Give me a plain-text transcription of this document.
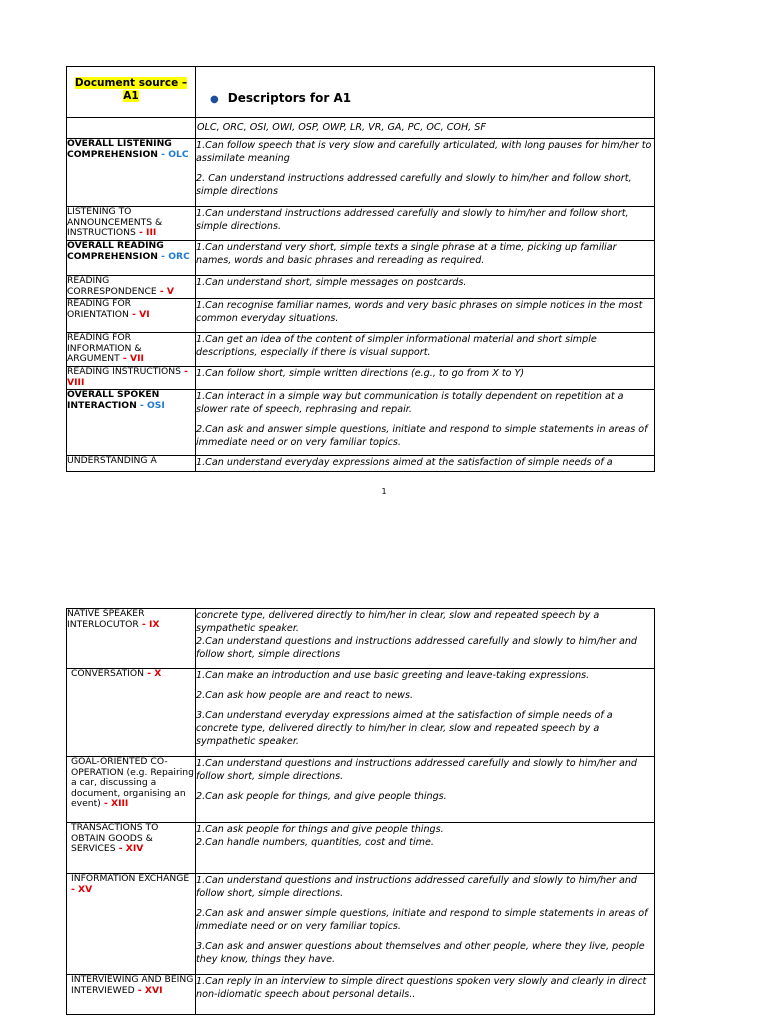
Document source – A1	● Descriptors for A1
	OLC, ORC, OSI, OWI, OSP, OWP, LR, VR, GA, PC, OC, COH, SF
OVERALL LISTENING COMPREHENSION - OLC	1.Can follow speech that is very slow and carefully articulated, with long pauses for him/her to assimilate meaning

2. Can understand instructions addressed carefully and slowly to him/her and follow short, simple directions

LISTENING TO ANNOUNCEMENTS & INSTRUCTIONS - III	1.Can understand instructions addressed carefully and slowly to him/her and follow short, simple directions.

OVERALL READING COMPREHENSION - ORC	1.Can understand very short, simple texts a single phrase at a time, picking up familiar names, words and basic phrases and rereading as required.

READING CORRESPONDENCE - V	1.Can understand short, simple messages on postcards.

READING FOR ORIENTATION - VI	1.Can recognise familiar names, words and very basic phrases on simple notices in the most common everyday situations.

READING FOR INFORMATION & ARGUMENT - VII	1.Can get an idea of the content of simpler informational material and short simple descriptions, especially if there is visual support.

READING INSTRUCTIONS - VIII	1.Can follow short, simple written directions (e.g., to go from X to Y)

OVERALL SPOKEN INTERACTION - OSI	1.Can interact in a simple way but communication is totally dependent on repetition at a slower rate of speech, rephrasing and repair.

2.Can ask and answer simple questions, initiate and respond to simple statements in areas of immediate need or on very familiar topics.

UNDERSTANDING A	1.Can understand everyday expressions aimed at the satisfaction of simple needs of a

1
NATIVE SPEAKER INTERLOCUTOR - IX	concrete type, delivered directly to him/her in clear, slow and repeated speech by a sympathetic speaker.
2.Can understand questions and instructions addressed carefully and slowly to him/her and follow short, simple directions

CONVERSATION - X	1.Can make an introduction and use basic greeting and leave-taking expressions.

2.Can ask how people are and react to news.

3.Can understand everyday expressions aimed at the satisfaction of simple needs of a concrete type, delivered directly to him/her in clear, slow and repeated speech by a sympathetic speaker.

GOAL-ORIENTED CO-OPERATION (e.g. Repairing a car, discussing a document, organising an event) - XIII	1.Can understand questions and instructions addressed carefully and slowly to him/her and follow short, simple directions.

2.Can ask people for things, and give people things.

TRANSACTIONS TO OBTAIN GOODS & SERVICES - XIV	1.Can ask people for things and give people things.
2.Can handle numbers, quantities, cost and time.

INFORMATION EXCHANGE - XV	1.Can understand questions and instructions addressed carefully and slowly to him/her and follow short, simple directions.

2.Can ask and answer simple questions, initiate and respond to simple statements in areas of immediate need or on very familiar topics.

3.Can ask and answer questions about themselves and other people, where they live, people they know, things they have.

INTERVIEWING AND BEING INTERVIEWED - XVI	1.Can reply in an interview to simple direct questions spoken very slowly and clearly in direct non-idiomatic speech about personal details..
